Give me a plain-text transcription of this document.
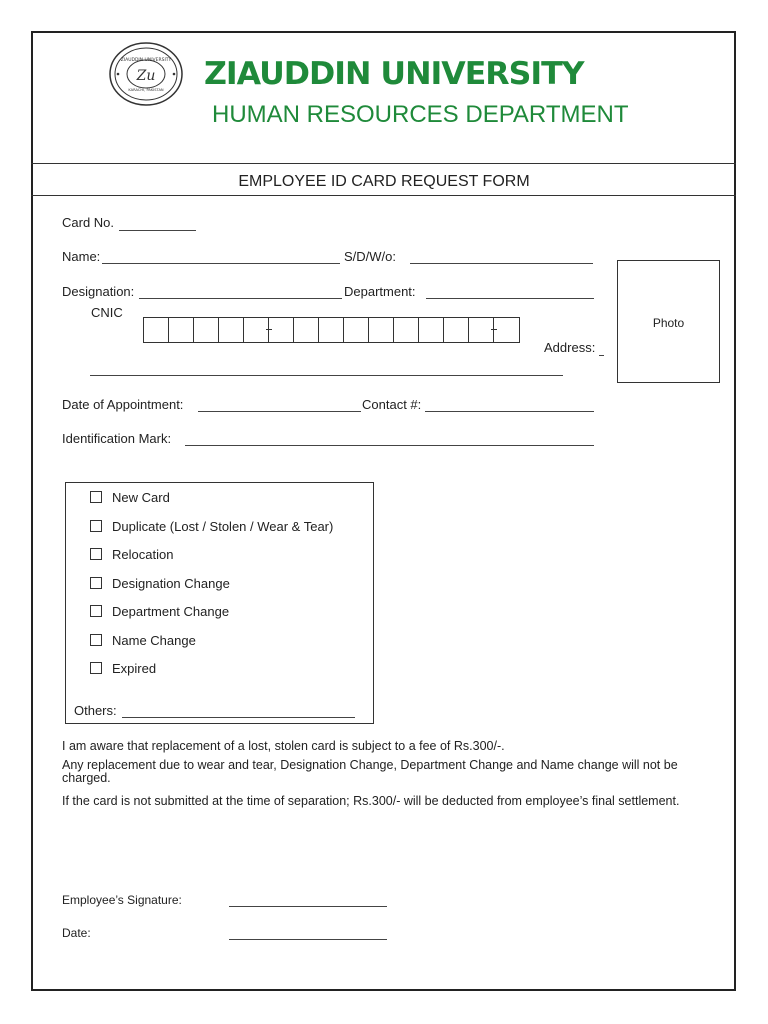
ZIAUDDIN UNIVERSITY
Zu
KARACHI, PAKISTAN ZIAUDDIN UNIVERSITY
HUMAN RESOURCES DEPARTMENT
EMPLOYEE ID CARD REQUEST FORM
Card No.
Name:	S/D/W/o:
Designation:	Department:
CNIC
Address:
Photo
Date of Appointment:	Contact #:
Identification Mark:
New Card
Duplicate (Lost / Stolen / Wear & Tear)
Relocation
Designation Change
Department Change
Name Change
Expired
Others:
I am aware that replacement of a lost, stolen card is subject to a fee of Rs.300/-.
Any replacement due to wear and tear, Designation Change, Department Change and Name change will not be charged.
If the card is not submitted at the time of separation; Rs.300/- will be deducted from employee’s final settlement.
Employee’s Signature:
Date:
